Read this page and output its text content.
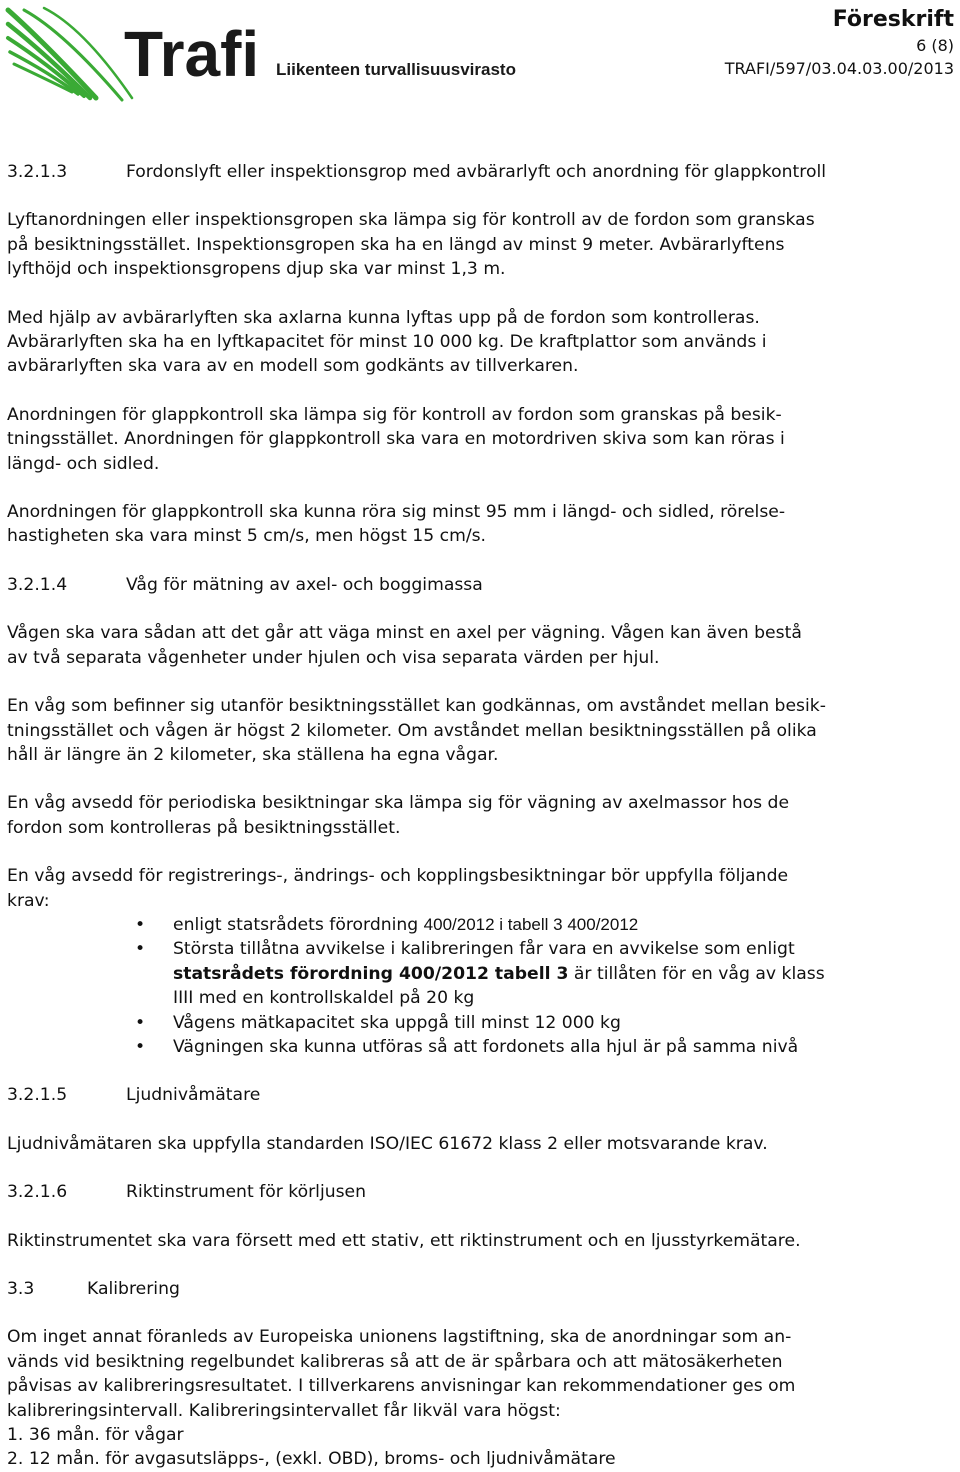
Trafi Liikenteen turvallisuusvirasto
Föreskrift
6 (8)
TRAFI/597/03.04.03.00/2013
3.2.1.3	Fordonslyft eller inspektionsgrop med avbärarlyft och anordning för glappkontroll

Lyftanordningen eller inspektionsgropen ska lämpa sig för kontroll av de fordon som granskas
på besiktningsstället. Inspektionsgropen ska ha en längd av minst 9 meter. Avbärarlyftens
lyfthöjd och inspektionsgropens djup ska var minst 1,3 m.

Med hjälp av avbärarlyften ska axlarna kunna lyftas upp på de fordon som kontrolleras.
Avbärarlyften ska ha en lyftkapacitet för minst 10 000 kg. De kraftplattor som används i
avbärarlyften ska vara av en modell som godkänts av tillverkaren.

Anordningen för glappkontroll ska lämpa sig för kontroll av fordon som granskas på besik-
tningsstället. Anordningen för glappkontroll ska vara en motordriven skiva som kan röras i
längd- och sidled.

Anordningen för glappkontroll ska kunna röra sig minst 95 mm i längd- och sidled, rörelse-
hastigheten ska vara minst 5 cm/s, men högst 15 cm/s.

3.2.1.4	Våg för mätning av axel- och boggimassa

Vågen ska vara sådan att det går att väga minst en axel per vägning. Vågen kan även bestå
av två separata vågenheter under hjulen och visa separata värden per hjul.

En våg som befinner sig utanför besiktningsstället kan godkännas, om avståndet mellan besik-
tningsstället och vågen är högst 2 kilometer. Om avståndet mellan besiktningsställen på olika
håll är längre än 2 kilometer, ska ställena ha egna vågar.

En våg avsedd för periodiska besiktningar ska lämpa sig för vägning av axelmassor hos de
fordon som kontrolleras på besiktningsstället.

En våg avsedd för registrerings-, ändrings- och kopplingsbesiktningar bör uppfylla följande
krav:

• enligt statsrådets förordning 400/2012 i tabell 3 400/2012
• Största tillåtna avvikelse i kalibreringen får vara en avvikelse som enligt
statsrådets förordning 400/2012 tabell 3 är tillåten för en våg av klass
IIII med en kontrollskaldel på 20 kg
• Vågens mätkapacitet ska uppgå till minst 12 000 kg
• Vägningen ska kunna utföras så att fordonets alla hjul är på samma nivå
3.2.1.5	Ljudnivåmätare

Ljudnivåmätaren ska uppfylla standarden ISO/IEC 61672 klass 2 eller motsvarande krav.

3.2.1.6	Riktinstrument för körljusen

Riktinstrumentet ska vara försett med ett stativ, ett riktinstrument och en ljusstyrkemätare.

3.3	Kalibrering

Om inget annat föranleds av Europeiska unionens lagstiftning, ska de anordningar som an-
vänds vid besiktning regelbundet kalibreras så att de är spårbara och att mätosäkerheten
påvisas av kalibreringsresultatet. I tillverkarens anvisningar kan rekommendationer ges om
kalibreringsintervall. Kalibreringsintervallet får likväl vara högst:
1. 36 mån. för vågar
2. 12 mån. för avgasutsläpps-, (exkl. OBD), broms- och ljudnivåmätare
